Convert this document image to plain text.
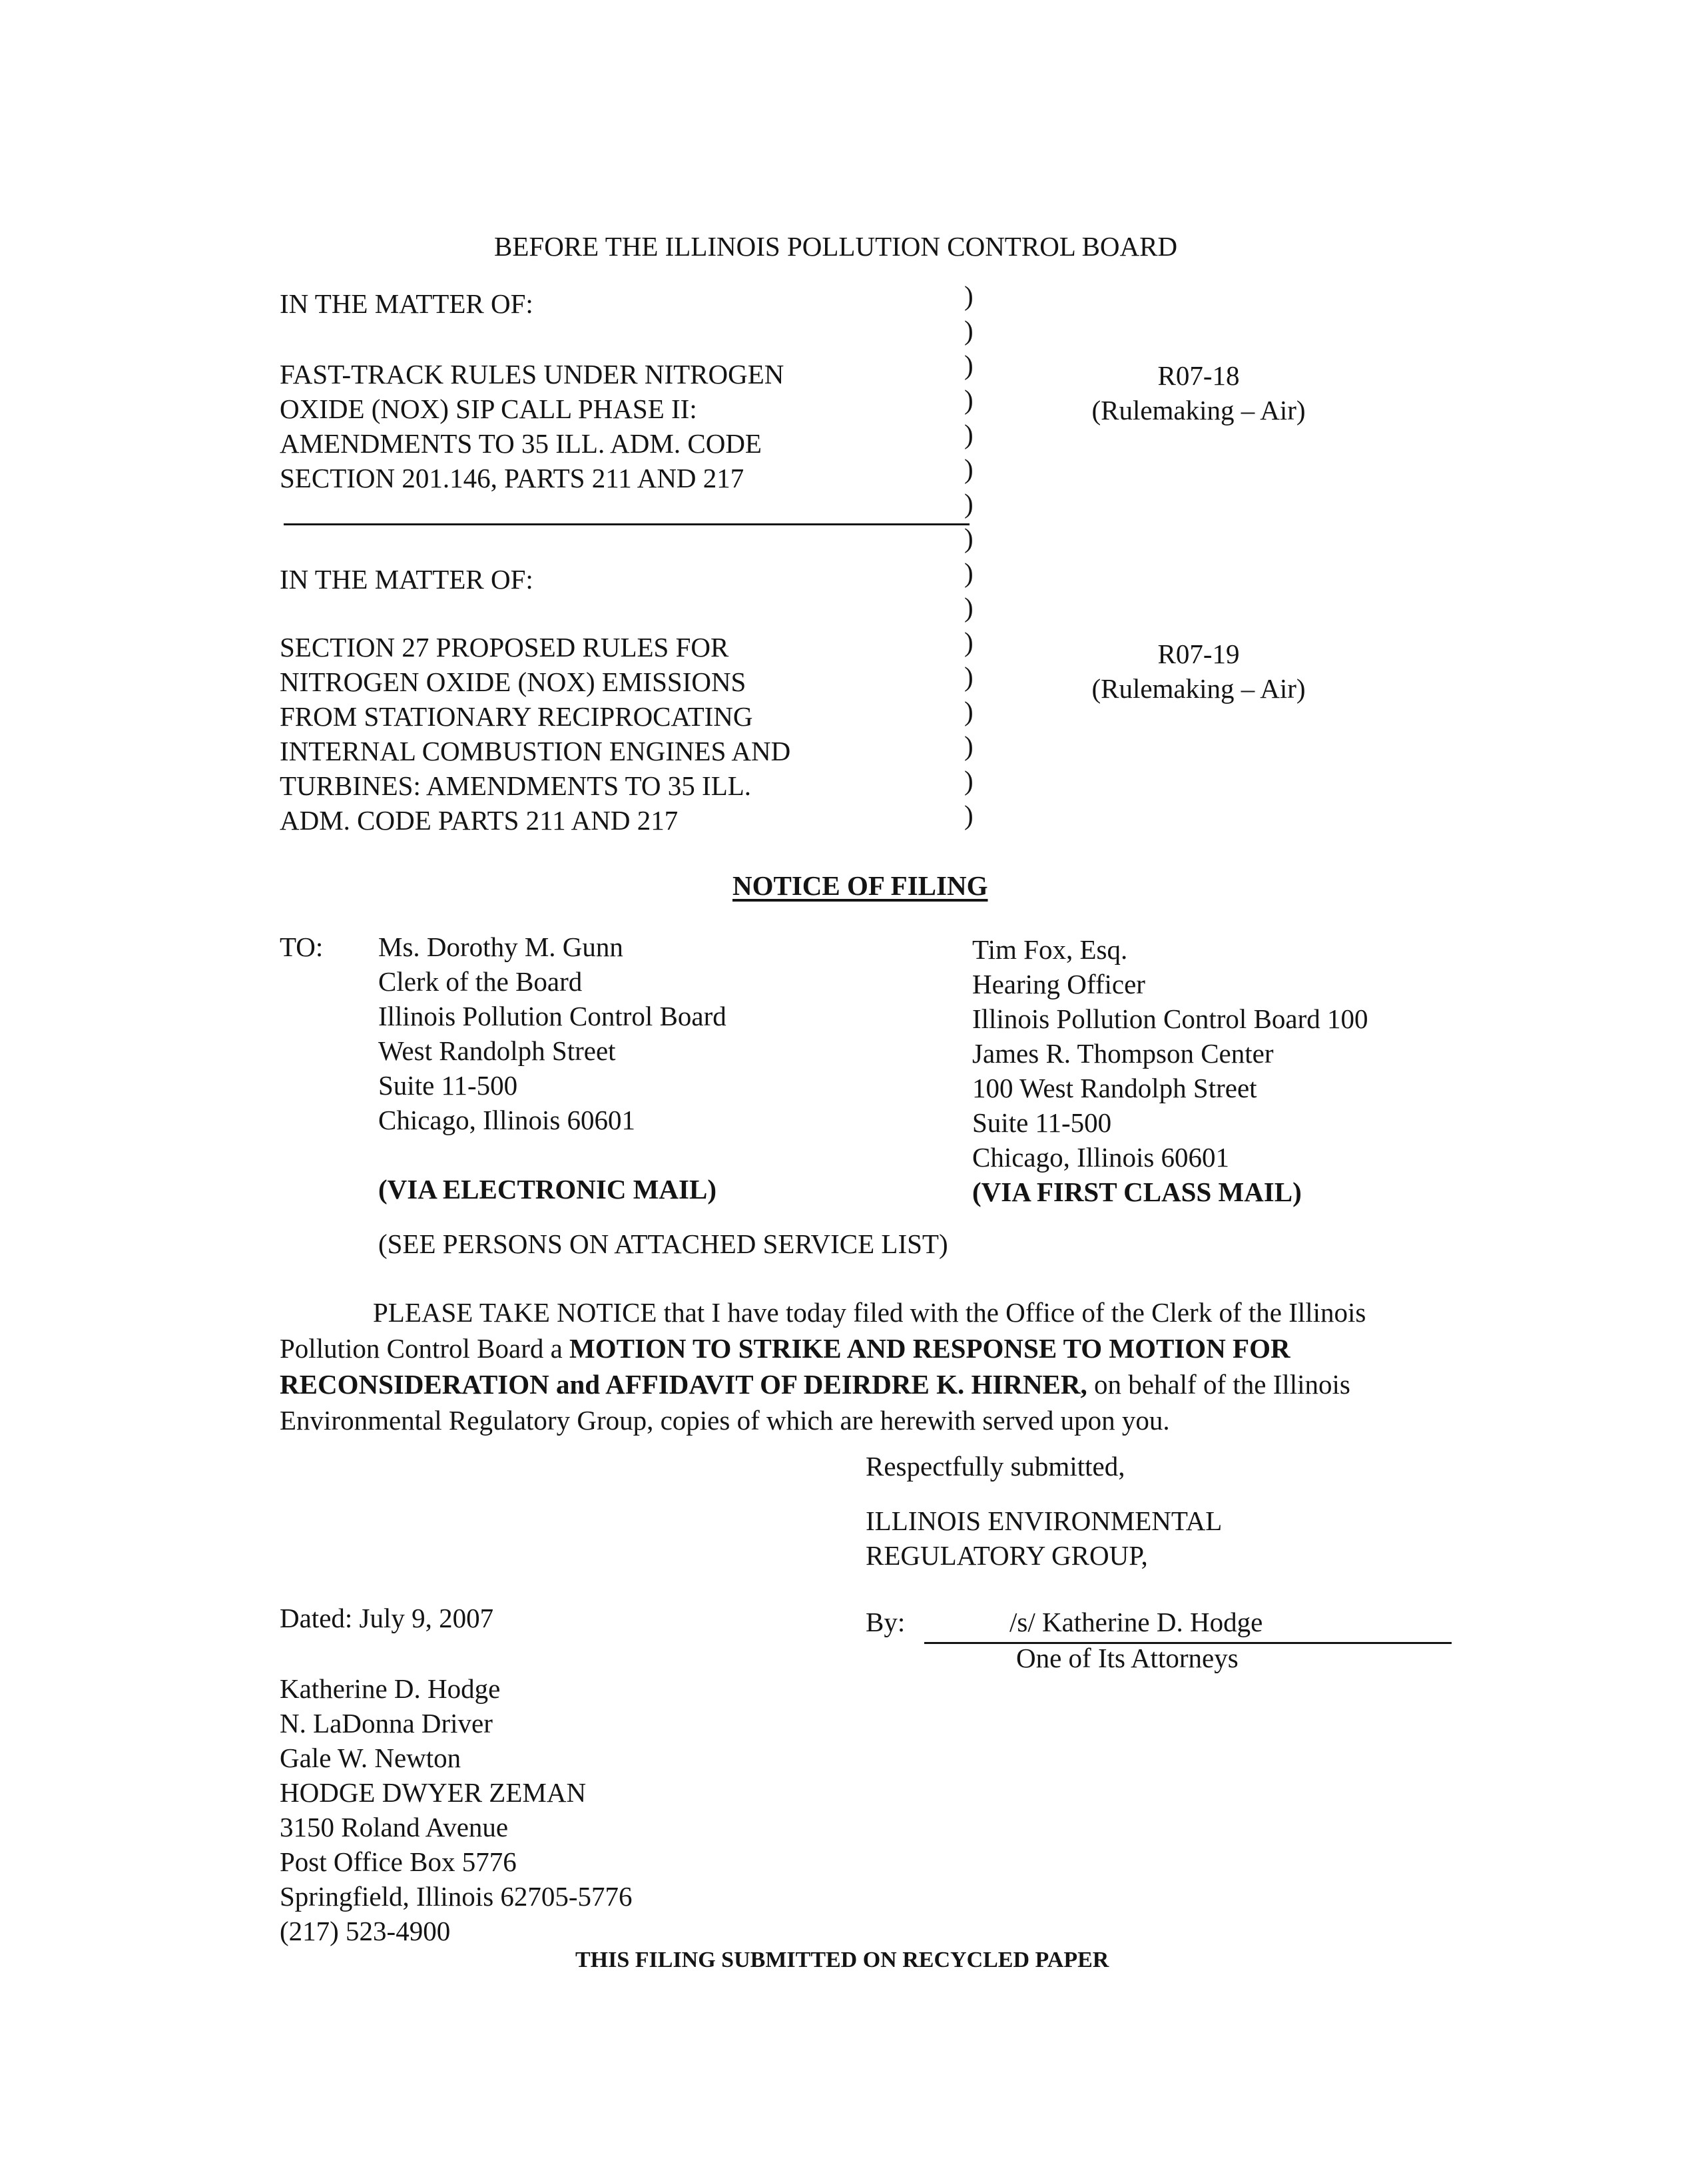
BEFORE THE ILLINOIS POLLUTION CONTROL BOARD
IN THE MATTER OF:
FAST-TRACK RULES UNDER NITROGEN
OXIDE (NOX) SIP CALL PHASE II:
AMENDMENTS TO 35 ILL. ADM. CODE
SECTION 201.146, PARTS 211 AND 217
R07-18
(Rulemaking – Air)
IN THE MATTER OF:
SECTION 27 PROPOSED RULES FOR
NITROGEN OXIDE (NOX) EMISSIONS
FROM STATIONARY RECIPROCATING
INTERNAL COMBUSTION ENGINES AND
TURBINES: AMENDMENTS TO 35 ILL.
ADM. CODE PARTS 211 AND 217
R07-19
(Rulemaking – Air)
)
)
)
)
)
)
)
)
)
)
)
)
)
)
)
)
NOTICE OF FILING
TO: Ms. Dorothy M. Gunn
Clerk of the Board
Illinois Pollution Control Board
West Randolph Street
Suite 11-500
Chicago, Illinois 60601
(VIA ELECTRONIC MAIL)
Tim Fox, Esq.
Hearing Officer
Illinois Pollution Control Board 100
James R. Thompson Center
100 West Randolph Street
Suite 11-500
Chicago, Illinois 60601
(VIA FIRST CLASS MAIL)
(SEE PERSONS ON ATTACHED SERVICE LIST)
PLEASE TAKE NOTICE that I have today filed with the Office of the Clerk of the Illinois Pollution Control Board a MOTION TO STRIKE AND RESPONSE TO MOTION FOR RECONSIDERATION and AFFIDAVIT OF DEIRDRE K. HIRNER, on behalf of the Illinois Environmental Regulatory Group, copies of which are herewith served upon you.
Respectfully submitted,
ILLINOIS ENVIRONMENTAL
REGULATORY GROUP,
Dated: July 9, 2007	By:	/s/ Katherine D. Hodge
One of Its Attorneys
Katherine D. Hodge
N. LaDonna Driver
Gale W. Newton
HODGE DWYER ZEMAN
3150 Roland Avenue
Post Office Box 5776
Springfield, Illinois 62705-5776
(217) 523-4900
THIS FILING SUBMITTED ON RECYCLED PAPER
